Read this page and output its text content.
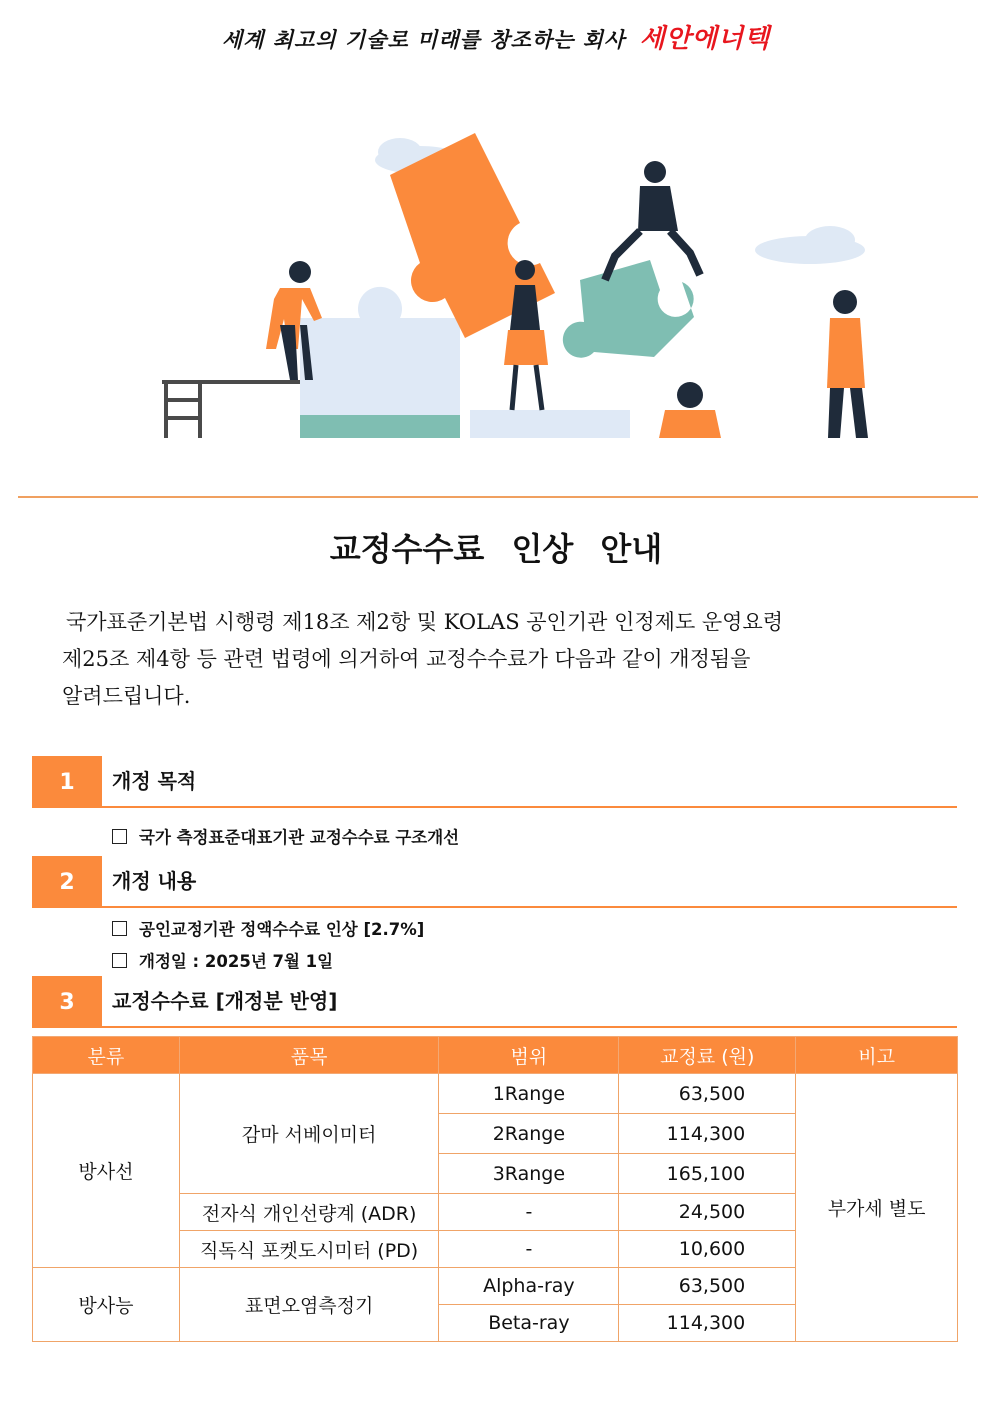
세계 최고의 기술로 미래를 창조하는 회사 세안에너텍
교정수수료 인상 안내

국가표준기본법 시행령 제18조 제2항 및 KOLAS 공인기관 인정제도 운영요령

제25조 제4항 등 관련 법령에 의거하여 교정수수료가 다음과 같이 개정됨을

알려드립니다.

1	개정 목적
국가 측정표준대표기관 교정수수료 구조개선
2	개정 내용
공인교정기관 정액수수료 인상 [2.7%]
개정일 : 2025년 7월 1일
3	교정수수료 [개정분 반영]
분류	품목	범위	교정료 (원)	비고
방사선	감마 서베이미터	1Range	63,500	부가세 별도
		2Range	114,300	
		3Range	165,100	
	전자식 개인선량계 (ADR)	-	24,500	
	직독식 포켓도시미터 (PD)	-	10,600	
방사능	표면오염측정기	Alpha-ray	63,500	
		Beta-ray	114,300	
